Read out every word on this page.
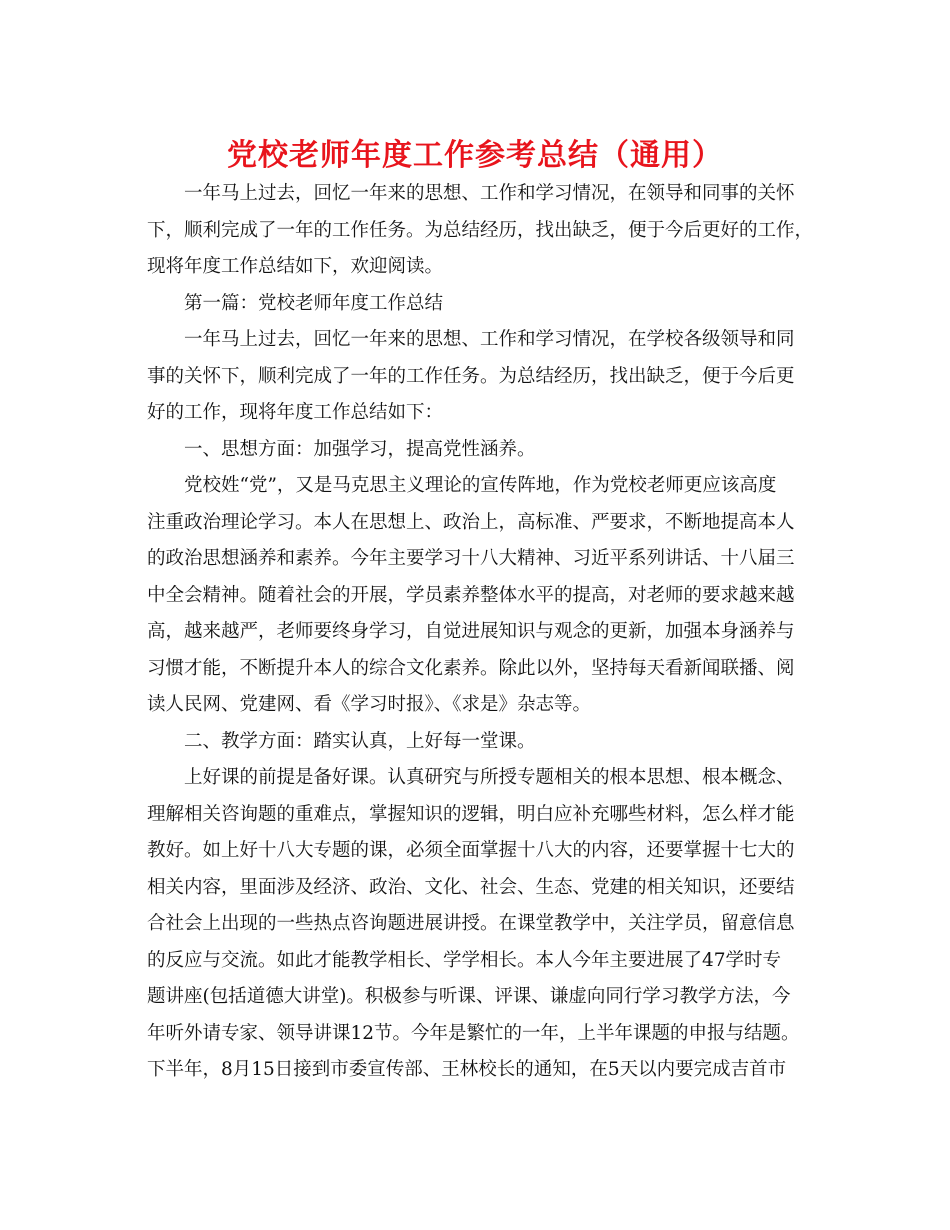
党校老师年度工作参考总结（通用）
一年马上过去，回忆一年来的思想、工作和学习情况，在领导和同事的关怀
下，顺利完成了一年的工作任务。为总结经历，找出缺乏，便于今后更好的工作，
现将年度工作总结如下，欢迎阅读。
第一篇：党校老师年度工作总结
一年马上过去，回忆一年来的思想、工作和学习情况，在学校各级领导和同
事的关怀下，顺利完成了一年的工作任务。为总结经历，找出缺乏，便于今后更
好的工作，现将年度工作总结如下：
一、思想方面：加强学习，提高党性涵养。
党校姓“党”，又是马克思主义理论的宣传阵地，作为党校老师更应该高度
注重政治理论学习。本人在思想上、政治上，高标准、严要求，不断地提高本人
的政治思想涵养和素养。今年主要学习十八大精神、习近平系列讲话、十八届三
中全会精神。随着社会的开展，学员素养整体水平的提高，对老师的要求越来越
高，越来越严，老师要终身学习，自觉进展知识与观念的更新，加强本身涵养与
习惯才能，不断提升本人的综合文化素养。除此以外，坚持每天看新闻联播、阅
读人民网、党建网、看《学习时报》、《求是》杂志等。
二、教学方面：踏实认真，上好每一堂课。
上好课的前提是备好课。认真研究与所授专题相关的根本思想、根本概念、
理解相关咨询题的重难点，掌握知识的逻辑，明白应补充哪些材料，怎么样才能
教好。如上好十八大专题的课，必须全面掌握十八大的内容，还要掌握十七大的
相关内容，里面涉及经济、政治、文化、社会、生态、党建的相关知识，还要结
合社会上出现的一些热点咨询题进展讲授。在课堂教学中，关注学员，留意信息
的反应与交流。如此才能教学相长、学学相长。本人今年主要进展了47学时专
题讲座(包括道德大讲堂)。积极参与听课、评课、谦虚向同行学习教学方法，今
年听外请专家、领导讲课12节。今年是繁忙的一年，上半年课题的申报与结题。
下半年，8月15日接到市委宣传部、王林校长的通知，在5天以内要完成吉首市
